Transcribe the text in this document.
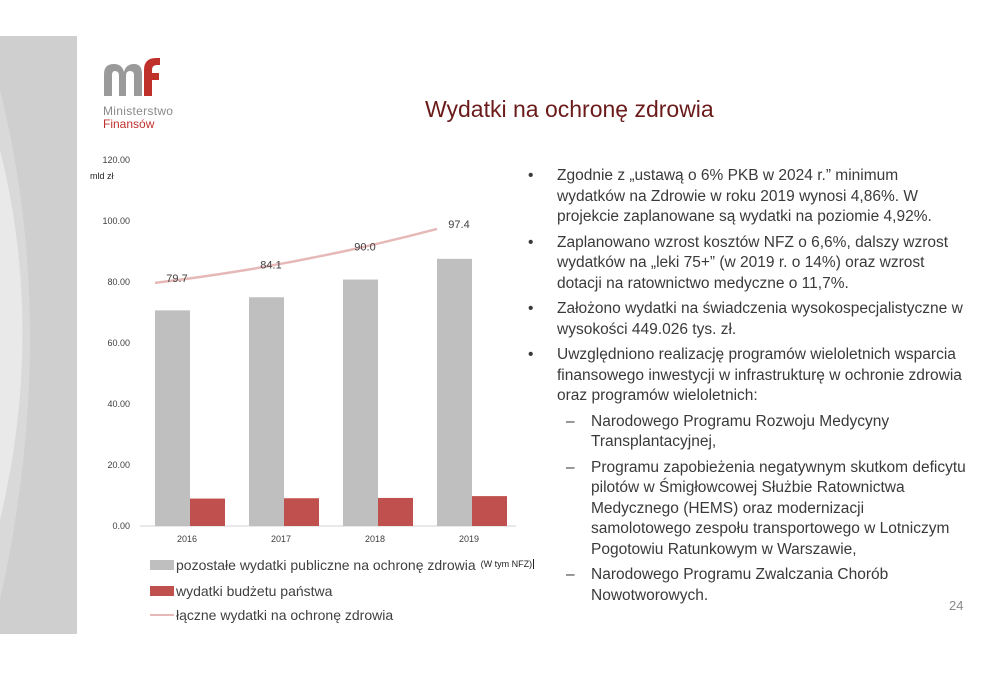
Ministerstwo
Finansów
Wydatki na ochronę zdrowia
0.00
20.00
40.00
60.00
80.00
100.00
120.00
mld zł
79.7
84.1
90.0
97.4
2016	2017	2018	2019
pozostałe wydatki publiczne na ochronę zdrowia (W tym NFZ)
wydatki budżetu państwa
łączne wydatki na ochronę zdrowia
• Zgodnie z „ustawą o 6% PKB w 2024 r.” minimum wydatków na Zdrowie w roku 2019 wynosi 4,86%. W projekcie zaplanowane są wydatki na poziomie 4,92%.
• Zaplanowano wzrost kosztów NFZ o 6,6%, dalszy wzrost wydatków na „leki 75+” (w 2019 r. o 14%) oraz wzrost dotacji na ratownictwo medyczne o 11,7%.
• Założono wydatki na świadczenia wysokospecjalistyczne w wysokości 449.026 tys. zł.
• Uwzględniono realizację programów wieloletnich wsparcia finansowego inwestycji w infrastrukturę w ochronie zdrowia oraz programów wieloletnich:
– Narodowego Programu Rozwoju Medycyny Transplantacyjnej,
– Programu zapobieżenia negatywnym skutkom deficytu pilotów w Śmigłowcowej Służbie Ratownictwa Medycznego (HEMS) oraz modernizacji samolotowego zespołu transportowego w Lotniczym Pogotowiu Ratunkowym w Warszawie,
– Narodowego Programu Zwalczania Chorób Nowotworowych.
24
